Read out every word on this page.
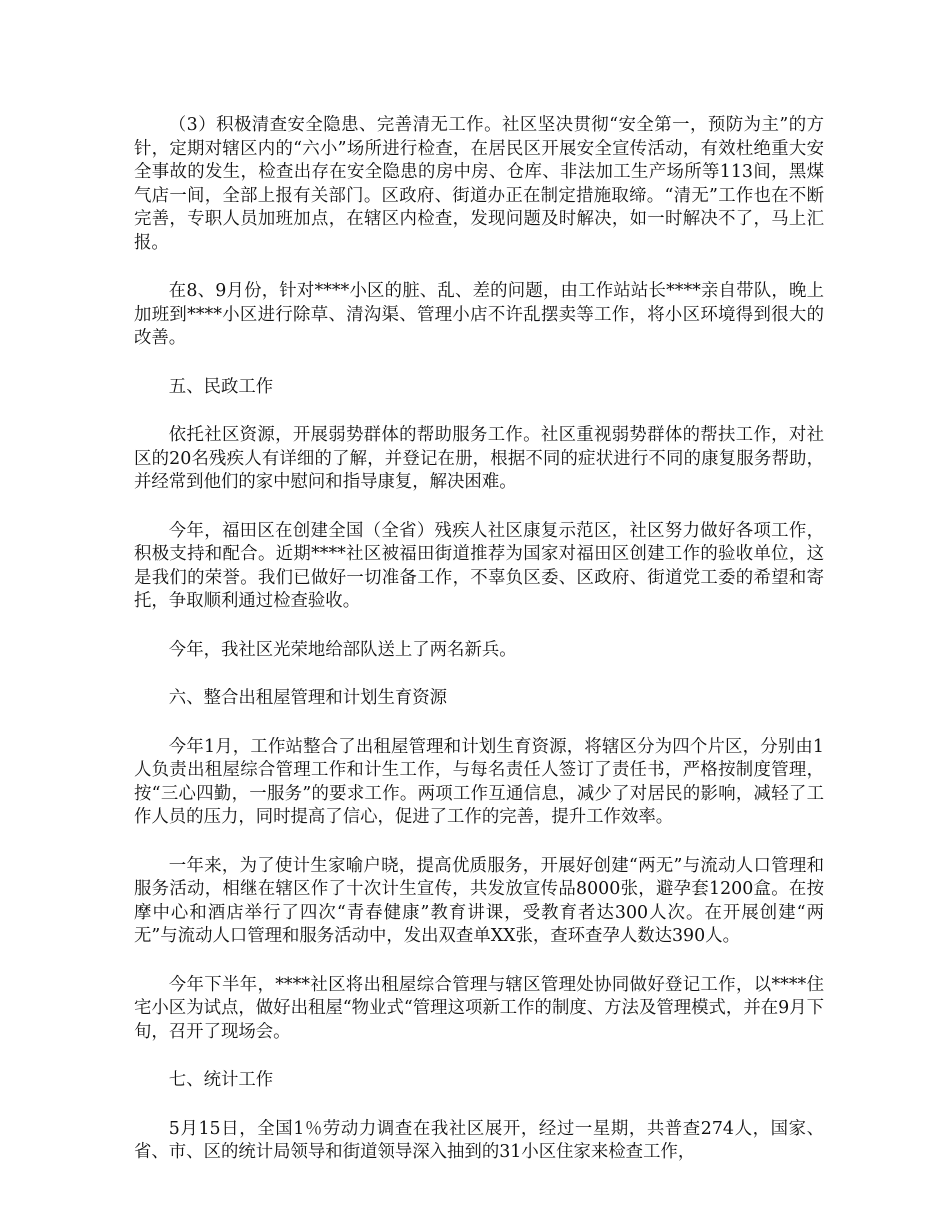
（3）积极清查安全隐患、完善清无工作。社区坚决贯彻“安全第一，预防为主”的方针，定期对辖区内的“六小”场所进行检查，在居民区开展安全宣传活动，有效杜绝重大安全事故的发生，检查出存在安全隐患的房中房、仓库、非法加工生产场所等113间，黑煤气店一间，全部上报有关部门。区政府、街道办正在制定措施取缔。“清无”工作也在不断完善，专职人员加班加点，在辖区内检查，发现问题及时解决，如一时解决不了，马上汇报。

在8、9月份，针对****小区的脏、乱、差的问题，由工作站站长****亲自带队，晚上加班到****小区进行除草、清沟渠、管理小店不许乱摆卖等工作，将小区环境得到很大的改善。

五、民政工作

依托社区资源，开展弱势群体的帮助服务工作。社区重视弱势群体的帮扶工作，对社区的20名残疾人有详细的了解，并登记在册，根据不同的症状进行不同的康复服务帮助，并经常到他们的家中慰问和指导康复，解决困难。

今年，福田区在创建全国（全省）残疾人社区康复示范区，社区努力做好各项工作，积极支持和配合。近期****社区被福田街道推荐为国家对福田区创建工作的验收单位，这是我们的荣誉。我们已做好一切准备工作，不辜负区委、区政府、街道党工委的希望和寄托，争取顺利通过检查验收。

今年，我社区光荣地给部队送上了两名新兵。

六、整合出租屋管理和计划生育资源

今年1月，工作站整合了出租屋管理和计划生育资源，将辖区分为四个片区，分别由1人负责出租屋综合管理工作和计生工作，与每名责任人签订了责任书，严格按制度管理，按“三心四勤，一服务”的要求工作。两项工作互通信息，减少了对居民的影响，减轻了工作人员的压力，同时提高了信心，促进了工作的完善，提升工作效率。

一年来，为了使计生家喻户晓，提高优质服务，开展好创建“两无”与流动人口管理和服务活动，相继在辖区作了十次计生宣传，共发放宣传品8000张，避孕套1200盒。在按摩中心和酒店举行了四次“青春健康”教育讲课，受教育者达300人次。在开展创建“两无”与流动人口管理和服务活动中，发出双查单XX张，查环查孕人数达390人。

今年下半年，****社区将出租屋综合管理与辖区管理处协同做好登记工作，以****住宅小区为试点，做好出租屋“物业式“管理这项新工作的制度、方法及管理模式，并在9月下旬，召开了现场会。

七、统计工作

5月15日，全国1％劳动力调查在我社区展开，经过一星期，共普查274人，国家、省、市、区的统计局领导和街道领导深入抽到的31小区住家来检查工作，
